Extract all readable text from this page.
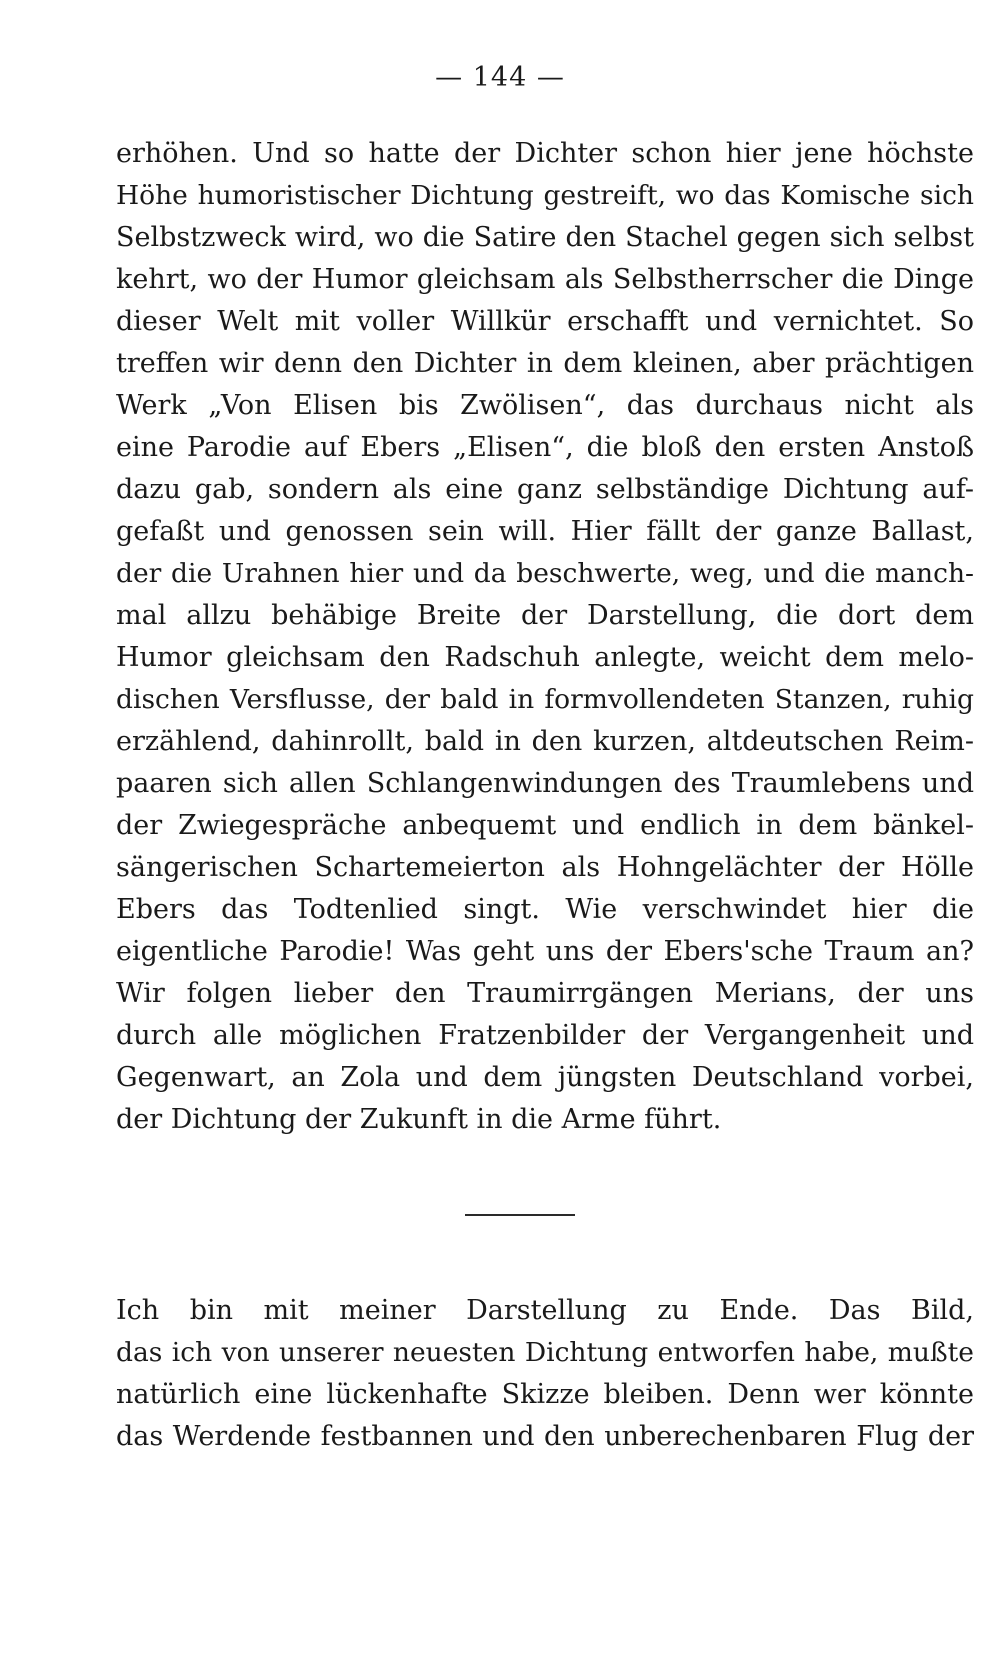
— 144 —
erhöhen. Und so hatte der Dichter schon hier jene höchste
Höhe humoristischer Dichtung gestreift, wo das Komische sich
Selbstzweck wird, wo die Satire den Stachel gegen sich selbst
kehrt, wo der Humor gleichsam als Selbstherrscher die Dinge
dieser Welt mit voller Willkür erschafft und vernichtet. So
treffen wir denn den Dichter in dem kleinen, aber prächtigen
Werk „Von Elisen bis Zwölisen“, das durchaus nicht als
eine Parodie auf Ebers „Elisen“, die bloß den ersten Anstoß
dazu gab, sondern als eine ganz selbständige Dichtung auf-
gefaßt und genossen sein will. Hier fällt der ganze Ballast,
der die Urahnen hier und da beschwerte, weg, und die manch-
mal allzu behäbige Breite der Darstellung, die dort dem
Humor gleichsam den Radschuh anlegte, weicht dem melo-
dischen Versflusse, der bald in formvollendeten Stanzen, ruhig
erzählend, dahinrollt, bald in den kurzen, altdeutschen Reim-
paaren sich allen Schlangenwindungen des Traumlebens und
der Zwiegespräche anbequemt und endlich in dem bänkel-
sängerischen Schartemeierton als Hohngelächter der Hölle
Ebers das Todtenlied singt. Wie verschwindet hier die
eigentliche Parodie! Was geht uns der Ebers'sche Traum an?
Wir folgen lieber den Traumirrgängen Merians, der uns
durch alle möglichen Fratzenbilder der Vergangenheit und
Gegenwart, an Zola und dem jüngsten Deutschland vorbei,
der Dichtung der Zukunft in die Arme führt.
Ich bin mit meiner Darstellung zu Ende. Das Bild,
das ich von unserer neuesten Dichtung entworfen habe, mußte
natürlich eine lückenhafte Skizze bleiben. Denn wer könnte
das Werdende festbannen und den unberechenbaren Flug der
